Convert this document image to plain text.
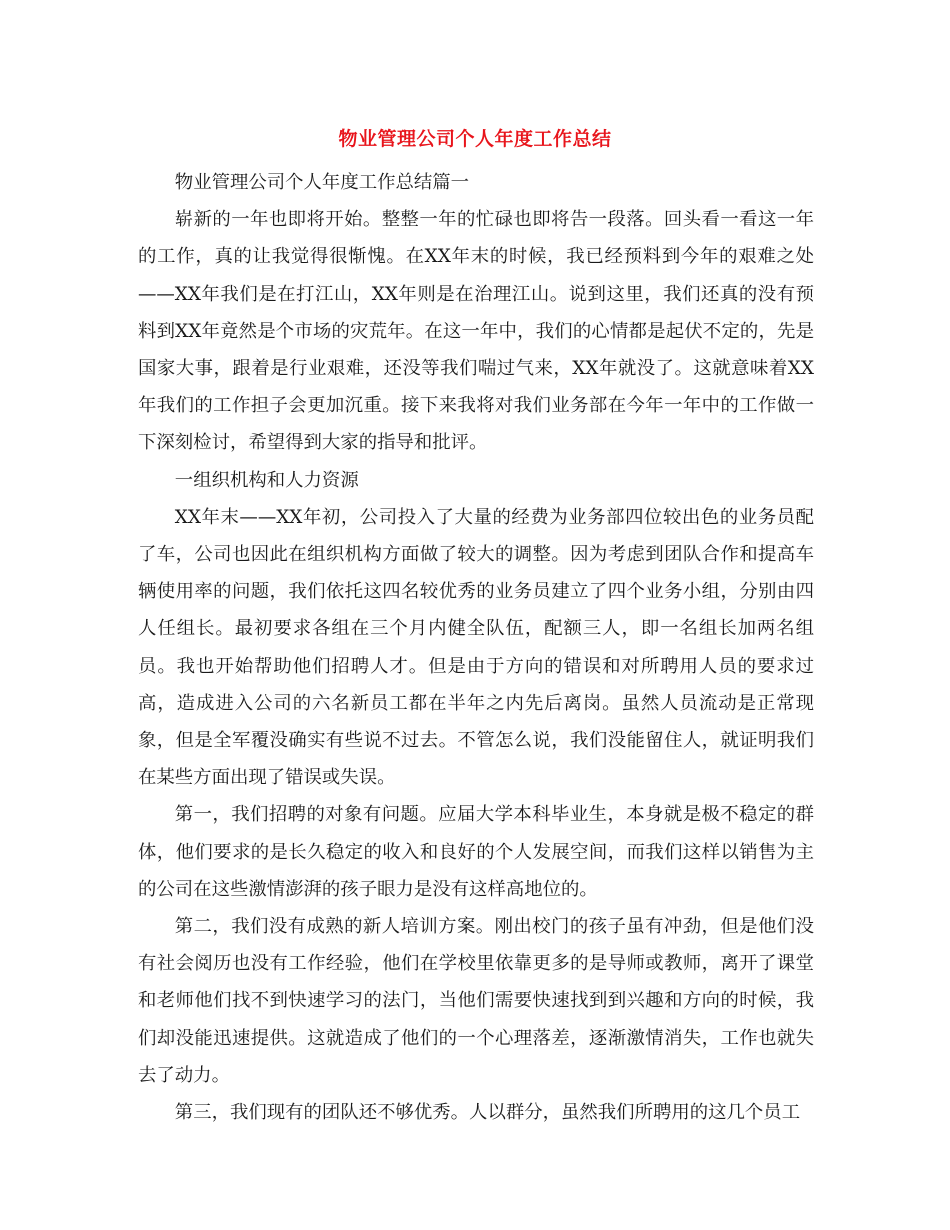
物业管理公司个人年度工作总结

物业管理公司个人年度工作总结篇一

崭新的一年也即将开始。整整一年的忙碌也即将告一段落。回头看一看这一年的工作，真的让我觉得很惭愧。在XX年末的时候，我已经预料到今年的艰难之处——XX年我们是在打江山，XX年则是在治理江山。说到这里，我们还真的没有预料到XX年竟然是个市场的灾荒年。在这一年中，我们的心情都是起伏不定的，先是国家大事，跟着是行业艰难，还没等我们喘过气来，XX年就没了。这就意味着XX年我们的工作担子会更加沉重。接下来我将对我们业务部在今年一年中的工作做一下深刻检讨，希望得到大家的指导和批评。

一组织机构和人力资源

XX年末——XX年初，公司投入了大量的经费为业务部四位较出色的业务员配了车，公司也因此在组织机构方面做了较大的调整。因为考虑到团队合作和提高车辆使用率的问题，我们依托这四名较优秀的业务员建立了四个业务小组，分别由四人任组长。最初要求各组在三个月内健全队伍，配额三人，即一名组长加两名组员。我也开始帮助他们招聘人才。但是由于方向的错误和对所聘用人员的要求过高，造成进入公司的六名新员工都在半年之内先后离岗。虽然人员流动是正常现象，但是全军覆没确实有些说不过去。不管怎么说，我们没能留住人，就证明我们在某些方面出现了错误或失误。

第一，我们招聘的对象有问题。应届大学本科毕业生，本身就是极不稳定的群体，他们要求的是长久稳定的收入和良好的个人发展空间，而我们这样以销售为主的公司在这些激情澎湃的孩子眼力是没有这样高地位的。

第二，我们没有成熟的新人培训方案。刚出校门的孩子虽有冲劲，但是他们没有社会阅历也没有工作经验，他们在学校里依靠更多的是导师或教师，离开了课堂和老师他们找不到快速学习的法门，当他们需要快速找到到兴趣和方向的时候，我们却没能迅速提供。这就造成了他们的一个心理落差，逐渐激情消失，工作也就失去了动力。

第三，我们现有的团队还不够优秀。人以群分，虽然我们所聘用的这几个员工
